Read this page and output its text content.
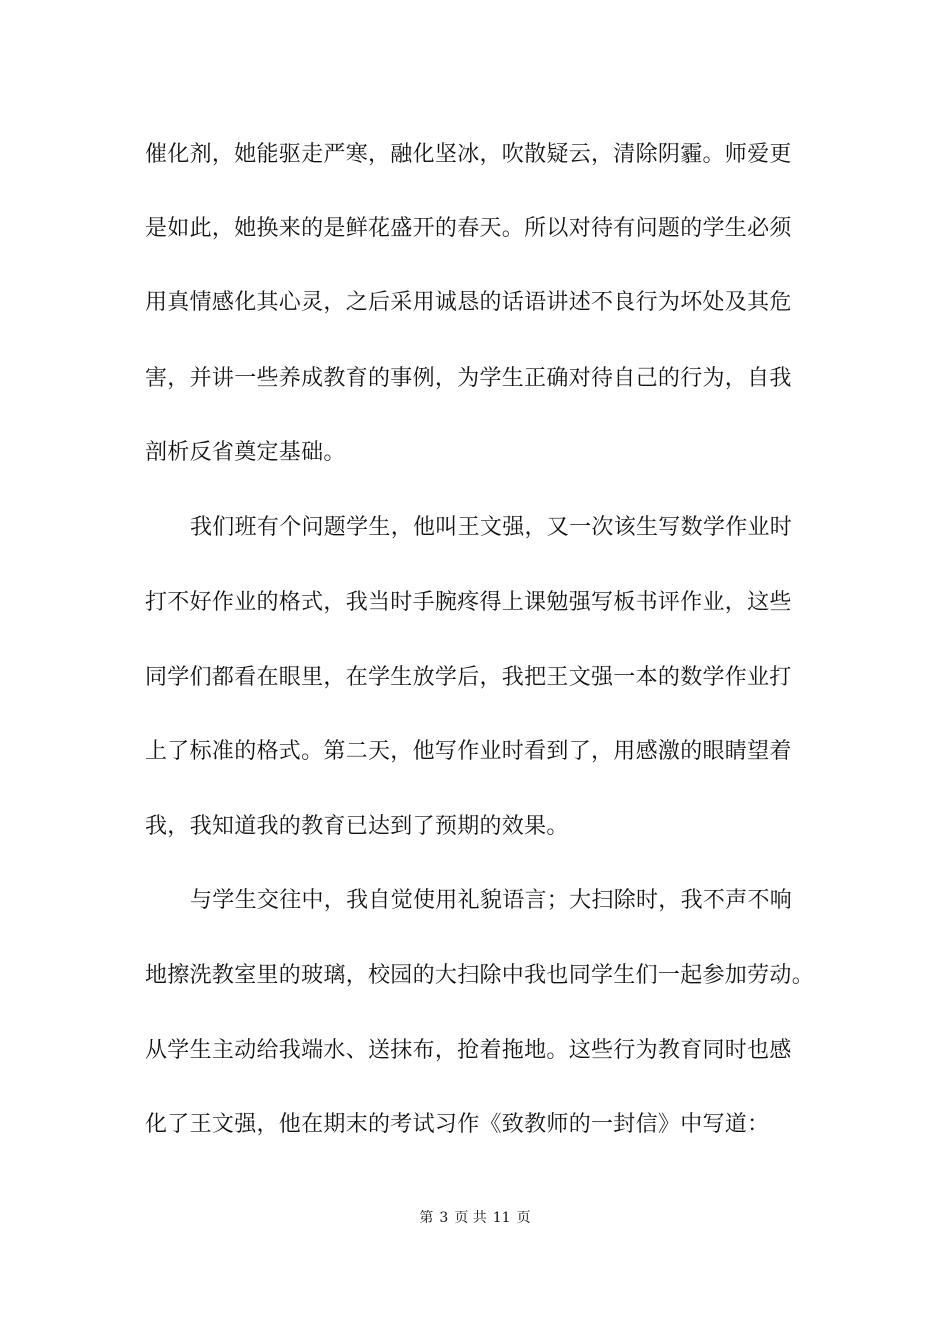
催化剂，她能驱走严寒，融化坚冰，吹散疑云，清除阴霾。师爱更
是如此，她换来的是鲜花盛开的春天。所以对待有问题的学生必须
用真情感化其心灵，之后采用诚恳的话语讲述不良行为坏处及其危
害，并讲一些养成教育的事例，为学生正确对待自己的行为，自我
剖析反省奠定基础。
我们班有个问题学生，他叫王文强，又一次该生写数学作业时
打不好作业的格式，我当时手腕疼得上课勉强写板书评作业，这些
同学们都看在眼里，在学生放学后，我把王文强一本的数学作业打
上了标准的格式。第二天，他写作业时看到了，用感激的眼睛望着
我，我知道我的教育已达到了预期的效果。
与学生交往中，我自觉使用礼貌语言；大扫除时，我不声不响
地擦洗教室里的玻璃，校园的大扫除中我也同学生们一起参加劳动。
从学生主动给我端水、送抹布，抢着拖地。这些行为教育同时也感
化了王文强，他在期末的考试习作《致教师的一封信》中写道：
第 3 页 共 11 页
